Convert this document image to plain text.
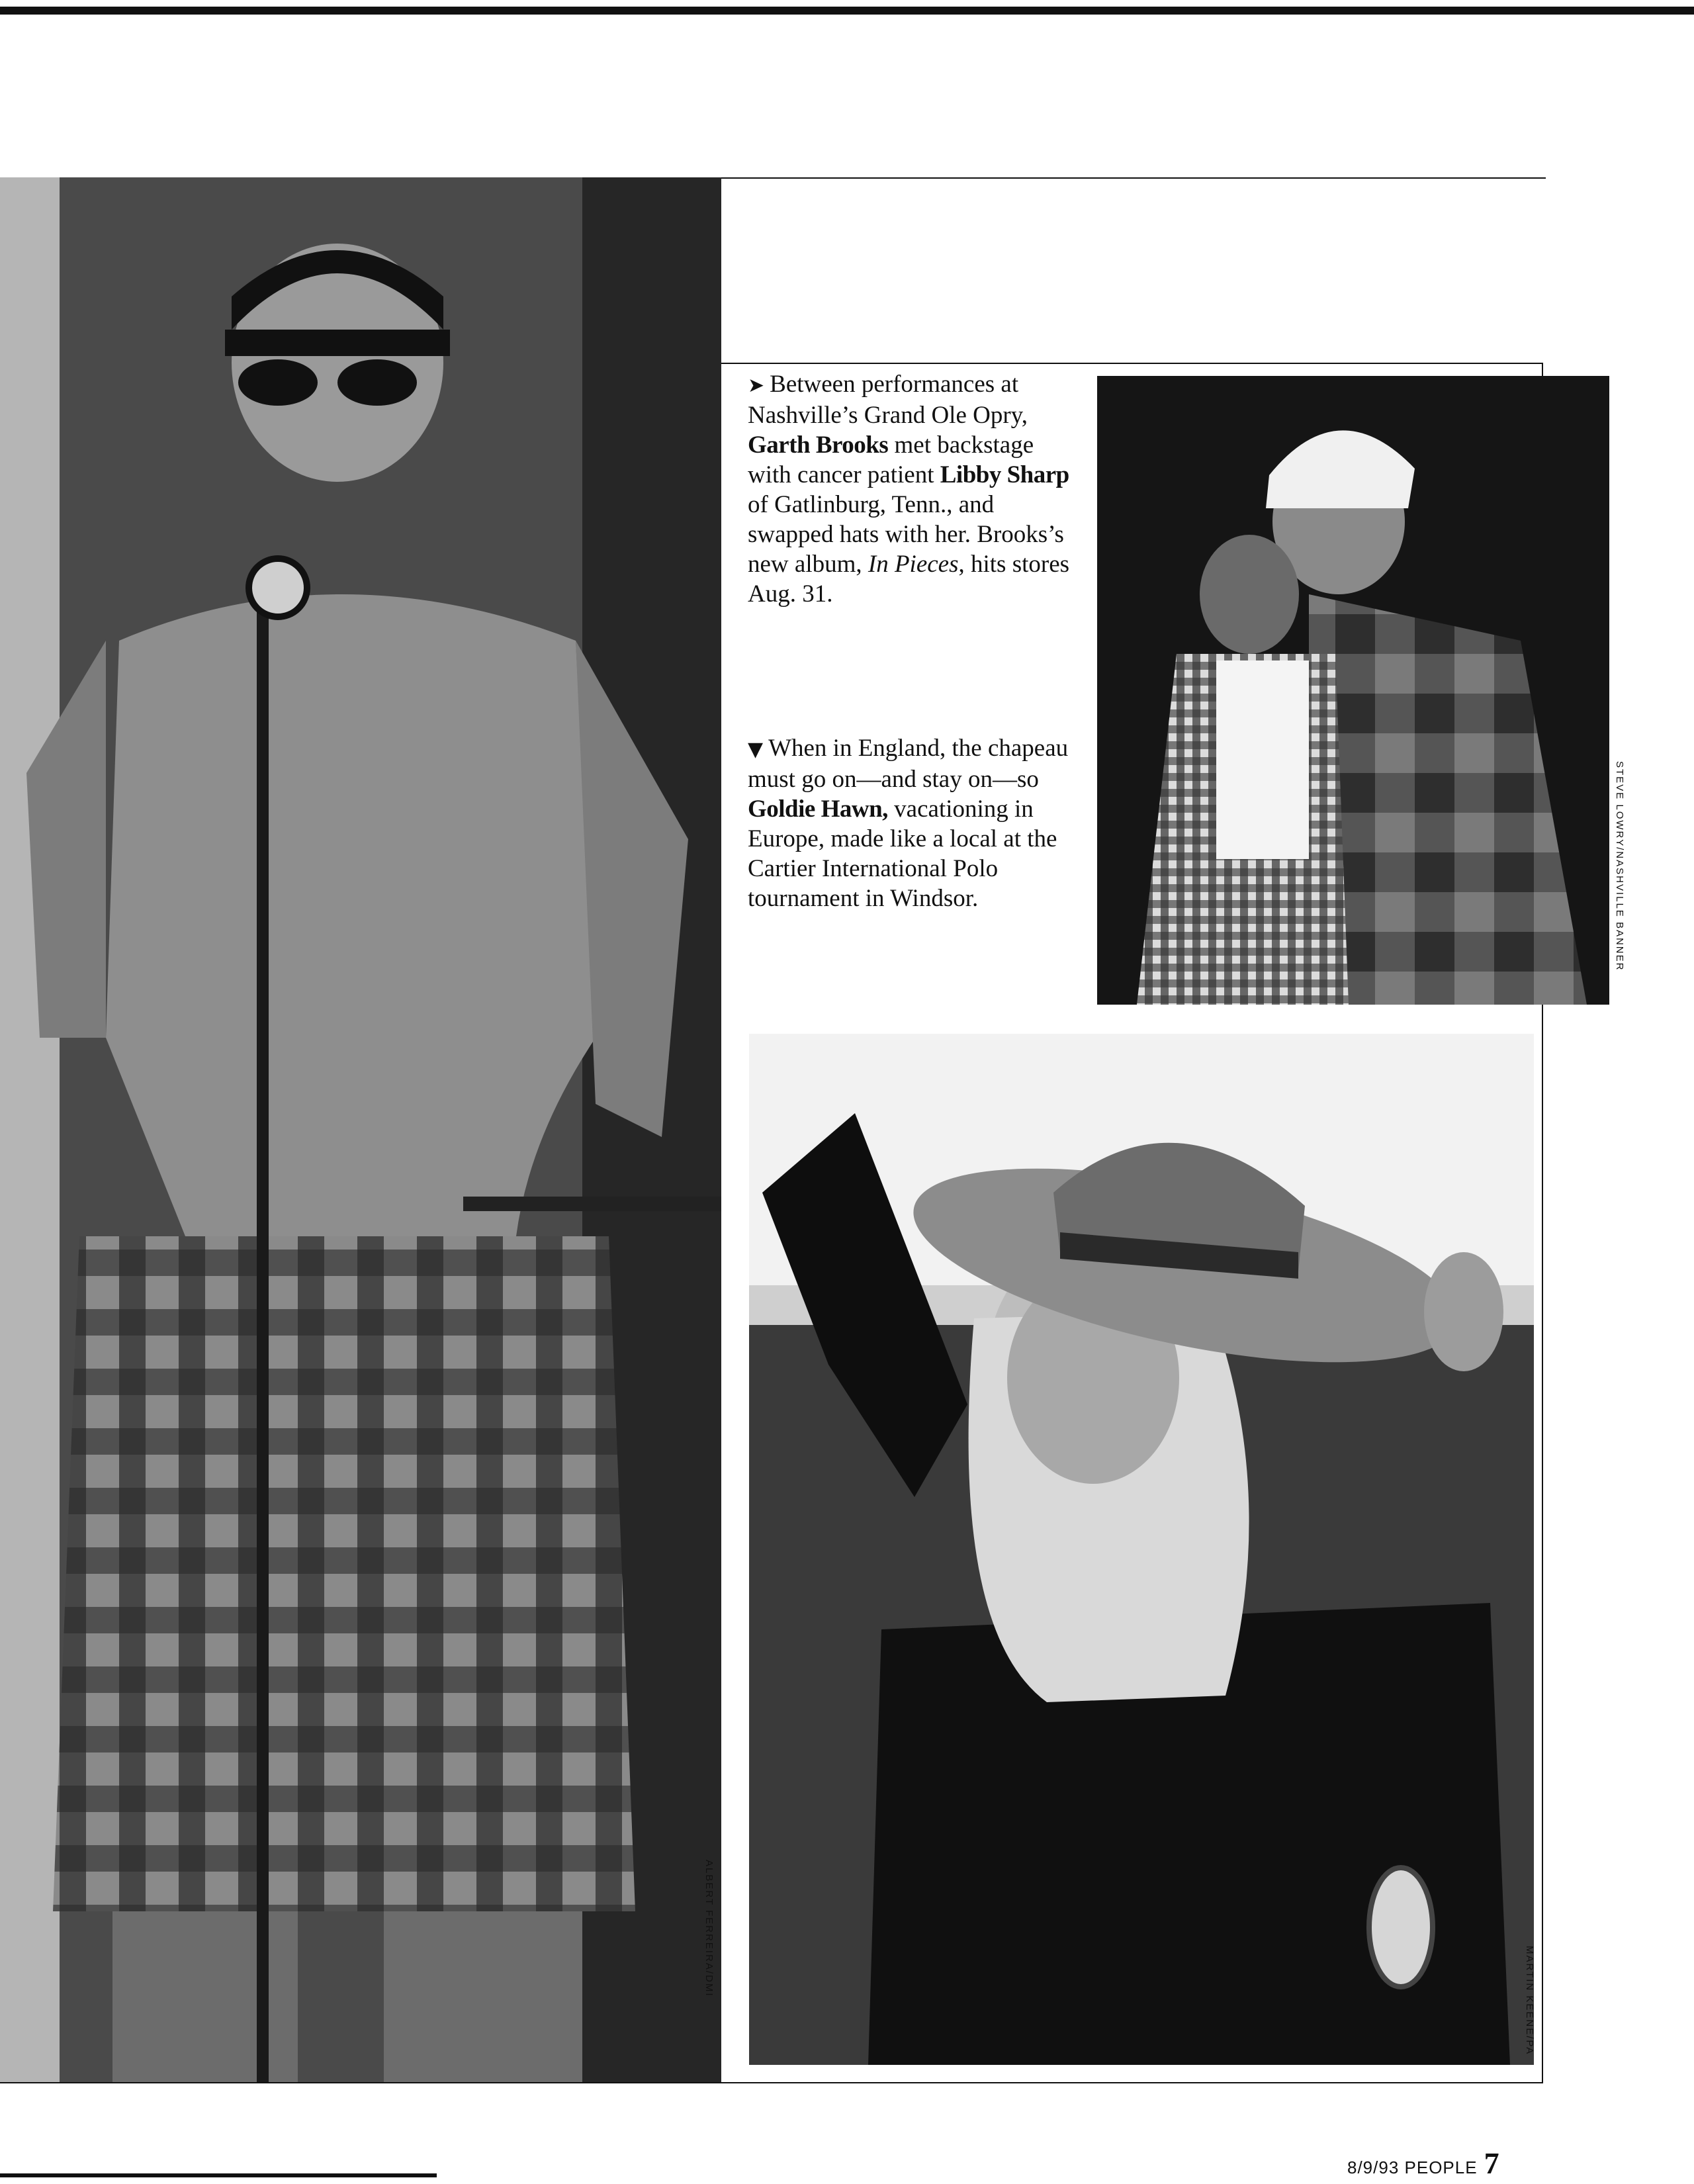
ALBERT FERREIRA/DMI
STEVE LOWRY/NASHVILLE BANNER
MARTIN KEENE/PA
➤ Between performances at Nashville’s Grand Ole Opry, Garth Brooks met backstage with cancer patient Libby Sharp of Gatlinburg, Tenn., and swapped hats with her. Brooks’s new album, In Pieces, hits stores Aug. 31.
▼ When in England, the chapeau must go on—and stay on—so Goldie Hawn, vacationing in Europe, made like a local at the Cartier International Polo tournament in Windsor.
8/9/93 PEOPLE 7
